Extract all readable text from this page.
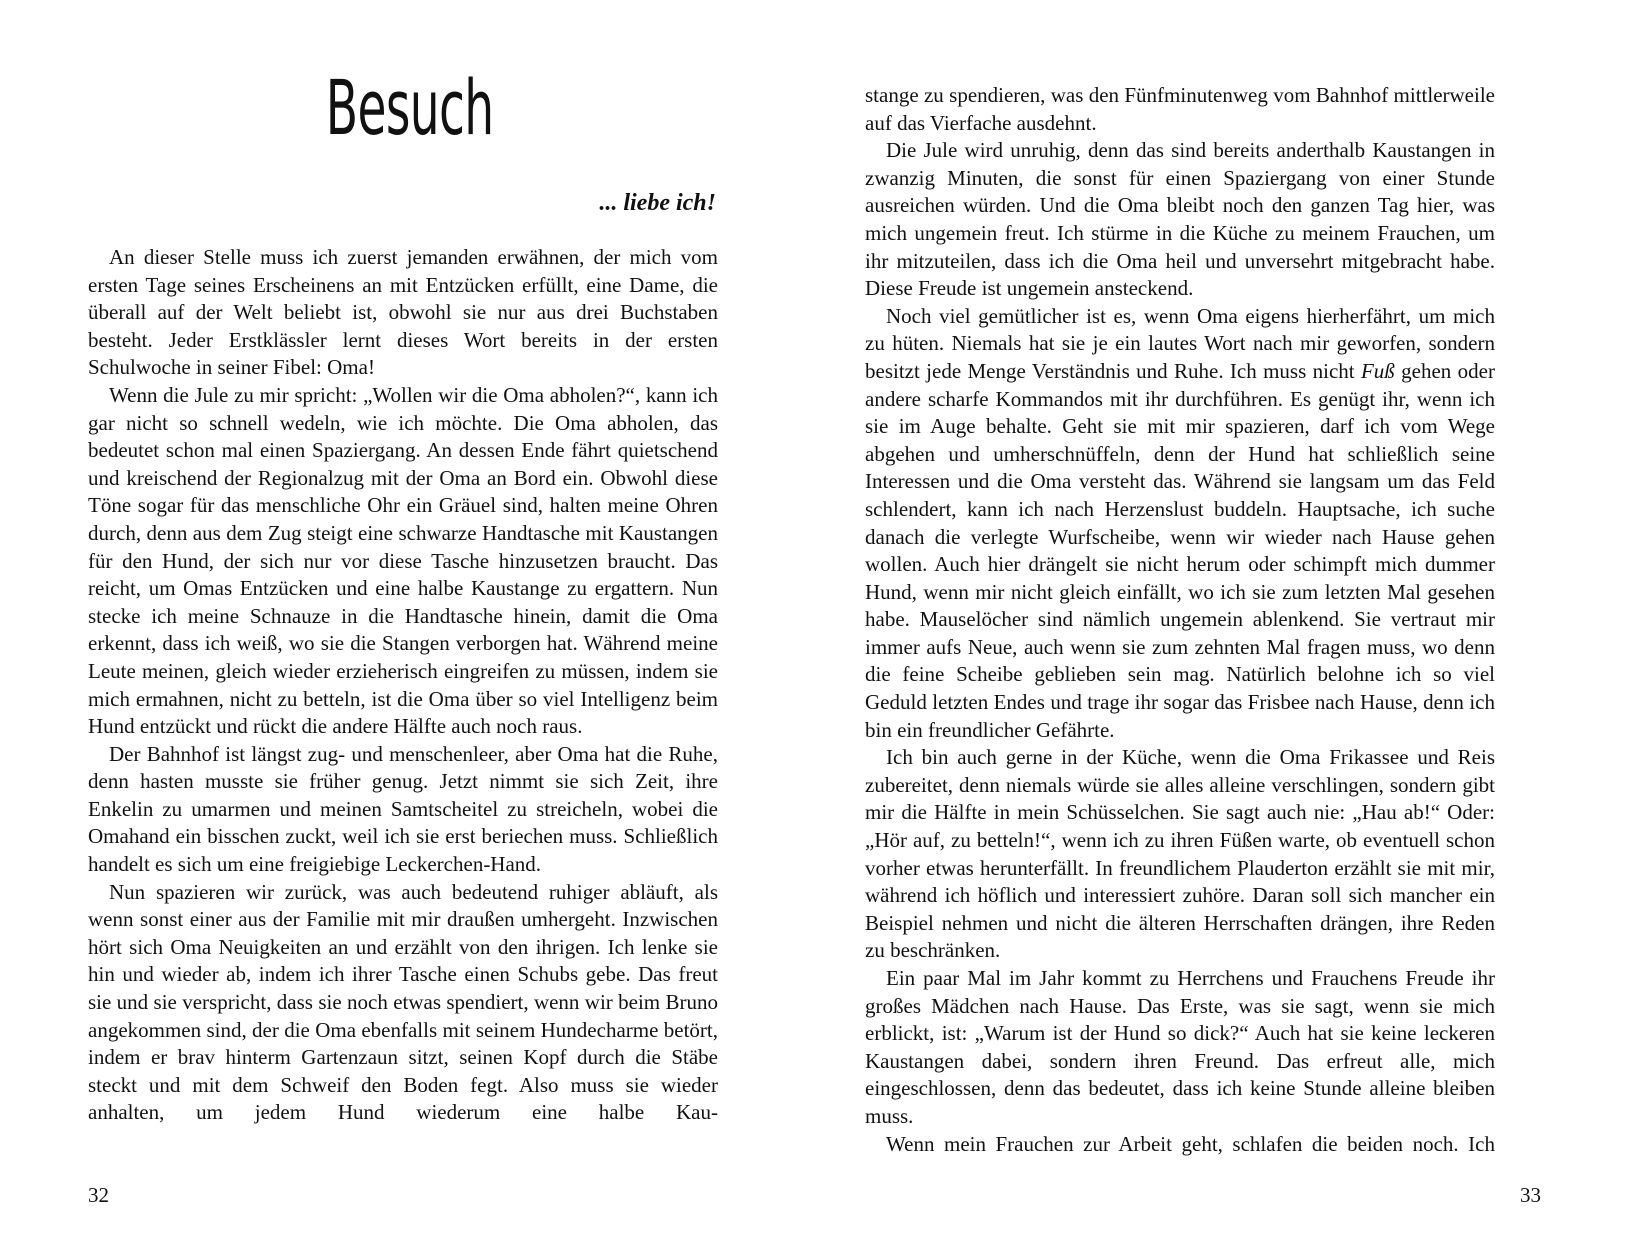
Besuch

... liebe ich!

An dieser Stelle muss ich zuerst jemanden erwähnen, der mich vom ersten Tage seines Erscheinens an mit Entzücken erfüllt, eine Dame, die überall auf der Welt beliebt ist, obwohl sie nur aus drei Buchstaben besteht. Jeder Erstklässler lernt dieses Wort bereits in der ersten Schulwoche in seiner Fibel: Oma!

Wenn die Jule zu mir spricht: „Wollen wir die Oma abholen?“, kann ich gar nicht so schnell wedeln, wie ich möchte. Die Oma abholen, das bedeutet schon mal einen Spaziergang. An dessen Ende fährt quietschend und kreischend der Regionalzug mit der Oma an Bord ein. Obwohl diese Töne sogar für das menschliche Ohr ein Gräuel sind, halten meine Ohren durch, denn aus dem Zug steigt eine schwarze Handtasche mit Kaustangen für den Hund, der sich nur vor diese Tasche hinzusetzen braucht. Das reicht, um Omas Entzücken und eine halbe Kaustange zu ergattern. Nun stecke ich meine Schnauze in die Handtasche hinein, damit die Oma erkennt, dass ich weiß, wo sie die Stangen verborgen hat. Während meine Leute meinen, gleich wieder erzieherisch eingreifen zu müssen, indem sie mich ermahnen, nicht zu betteln, ist die Oma über so viel Intelligenz beim Hund entzückt und rückt die andere Hälfte auch noch raus.

Der Bahnhof ist längst zug- und menschenleer, aber Oma hat die Ruhe, denn hasten musste sie früher genug. Jetzt nimmt sie sich Zeit, ihre Enkelin zu umarmen und meinen Samtscheitel zu streicheln, wobei die Omahand ein bisschen zuckt, weil ich sie erst beriechen muss. Schließlich handelt es sich um eine freigiebige Leckerchen-Hand.

Nun spazieren wir zurück, was auch bedeutend ruhiger abläuft, als wenn sonst einer aus der Familie mit mir draußen umhergeht. Inzwischen hört sich Oma Neuigkeiten an und erzählt von den ihrigen. Ich lenke sie hin und wieder ab, indem ich ihrer Tasche einen Schubs gebe. Das freut sie und sie verspricht, dass sie noch etwas spendiert, wenn wir beim Bruno angekommen sind, der die Oma ebenfalls mit seinem Hundecharme betört, indem er brav hinterm Gartenzaun sitzt, seinen Kopf durch die Stäbe steckt und mit dem Schweif den Boden fegt. Also muss sie wieder anhalten, um jedem Hund wiederum eine halbe Kau-

32

stange zu spendieren, was den Fünfminutenweg vom Bahnhof mittlerweile auf das Vierfache ausdehnt.

Die Jule wird unruhig, denn das sind bereits anderthalb Kaustangen in zwanzig Minuten, die sonst für einen Spaziergang von einer Stunde ausreichen würden. Und die Oma bleibt noch den ganzen Tag hier, was mich ungemein freut. Ich stürme in die Küche zu meinem Frauchen, um ihr mitzuteilen, dass ich die Oma heil und unversehrt mitgebracht habe. Diese Freude ist ungemein ansteckend.

Noch viel gemütlicher ist es, wenn Oma eigens hierherfährt, um mich zu hüten. Niemals hat sie je ein lautes Wort nach mir geworfen, sondern besitzt jede Menge Verständnis und Ruhe. Ich muss nicht Fuß gehen oder andere scharfe Kommandos mit ihr durchführen. Es genügt ihr, wenn ich sie im Auge behalte. Geht sie mit mir spazieren, darf ich vom Wege abgehen und umherschnüffeln, denn der Hund hat schließlich seine Interessen und die Oma versteht das. Während sie langsam um das Feld schlendert, kann ich nach Herzenslust buddeln. Hauptsache, ich suche danach die verlegte Wurfscheibe, wenn wir wieder nach Hause gehen wollen. Auch hier drängelt sie nicht herum oder schimpft mich dummer Hund, wenn mir nicht gleich einfällt, wo ich sie zum letzten Mal gesehen habe. Mauselöcher sind nämlich ungemein ablenkend. Sie vertraut mir immer aufs Neue, auch wenn sie zum zehnten Mal fragen muss, wo denn die feine Scheibe geblieben sein mag. Natürlich belohne ich so viel Geduld letzten Endes und trage ihr sogar das Frisbee nach Hause, denn ich bin ein freundlicher Gefährte.

Ich bin auch gerne in der Küche, wenn die Oma Frikassee und Reis zubereitet, denn niemals würde sie alles alleine verschlingen, sondern gibt mir die Hälfte in mein Schüsselchen. Sie sagt auch nie: „Hau ab!“ Oder: „Hör auf, zu betteln!“, wenn ich zu ihren Füßen warte, ob eventuell schon vorher etwas herunterfällt. In freundlichem Plauderton erzählt sie mit mir, während ich höflich und interessiert zuhöre. Daran soll sich mancher ein Beispiel nehmen und nicht die älteren Herrschaften drängen, ihre Reden zu beschränken.

Ein paar Mal im Jahr kommt zu Herrchens und Frauchens Freude ihr großes Mädchen nach Hause. Das Erste, was sie sagt, wenn sie mich erblickt, ist: „Warum ist der Hund so dick?“ Auch hat sie keine leckeren Kaustangen dabei, sondern ihren Freund. Das erfreut alle, mich eingeschlossen, denn das bedeutet, dass ich keine Stunde alleine bleiben muss.

Wenn mein Frauchen zur Arbeit geht, schlafen die beiden noch. Ich

33
